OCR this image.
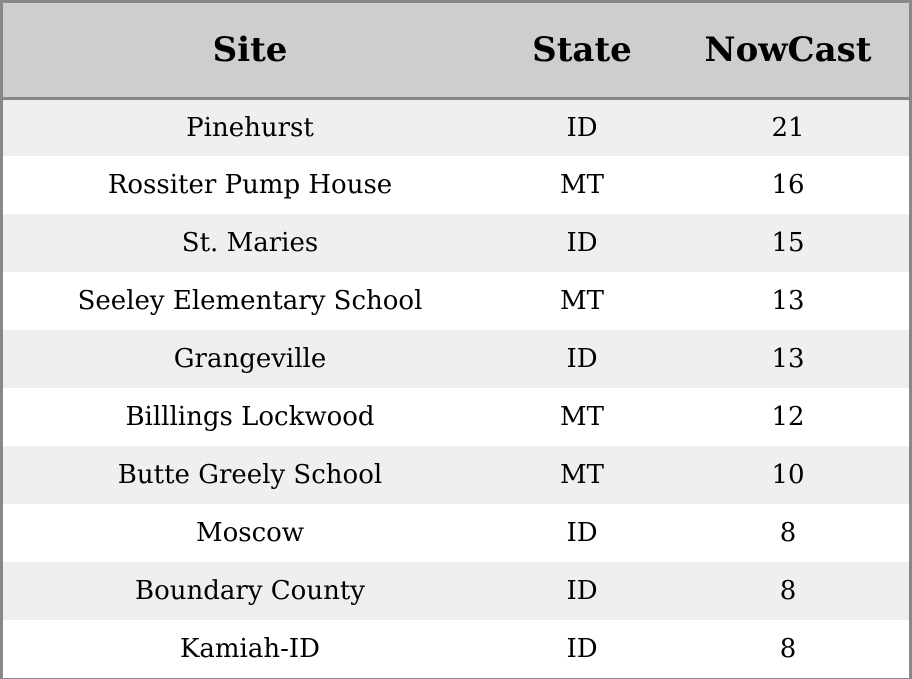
Site	State	NowCast
Pinehurst	ID	21
Rossiter Pump House	MT	16
St. Maries	ID	15
Seeley Elementary School	MT	13
Grangeville	ID	13
Billlings Lockwood	MT	12
Butte Greely School	MT	10
Moscow	ID	8
Boundary County	ID	8
Kamiah-ID	ID	8
